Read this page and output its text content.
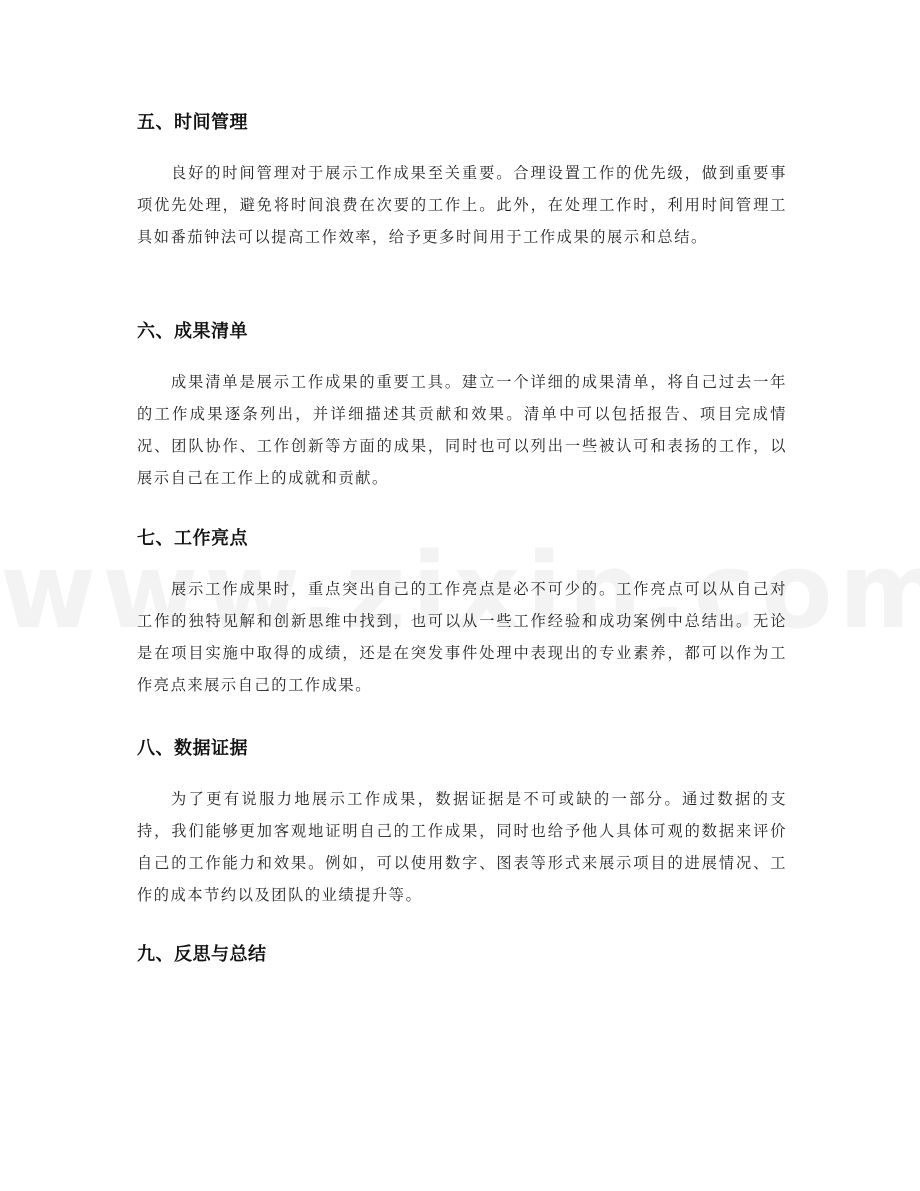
五、时间管理

良好的时间管理对于展示工作成果至关重要。合理设置工作的优先级，做到重要事项优先处理，避免将时间浪费在次要的工作上。此外，在处理工作时，利用时间管理工具如番茄钟法可以提高工作效率，给予更多时间用于工作成果的展示和总结。

六、成果清单

成果清单是展示工作成果的重要工具。建立一个详细的成果清单，将自己过去一年的工作成果逐条列出，并详细描述其贡献和效果。清单中可以包括报告、项目完成情况、团队协作、工作创新等方面的成果，同时也可以列出一些被认可和表扬的工作，以展示自己在工作上的成就和贡献。

七、工作亮点

展示工作成果时，重点突出自己的工作亮点是必不可少的。工作亮点可以从自己对工作的独特见解和创新思维中找到，也可以从一些工作经验和成功案例中总结出。无论是在项目实施中取得的成绩，还是在突发事件处理中表现出的专业素养，都可以作为工作亮点来展示自己的工作成果。

八、数据证据

为了更有说服力地展示工作成果，数据证据是不可或缺的一部分。通过数据的支持，我们能够更加客观地证明自己的工作成果，同时也给予他人具体可观的数据来评价自己的工作能力和效果。例如，可以使用数字、图表等形式来展示项目的进展情况、工作的成本节约以及团队的业绩提升等。

九、反思与总结
